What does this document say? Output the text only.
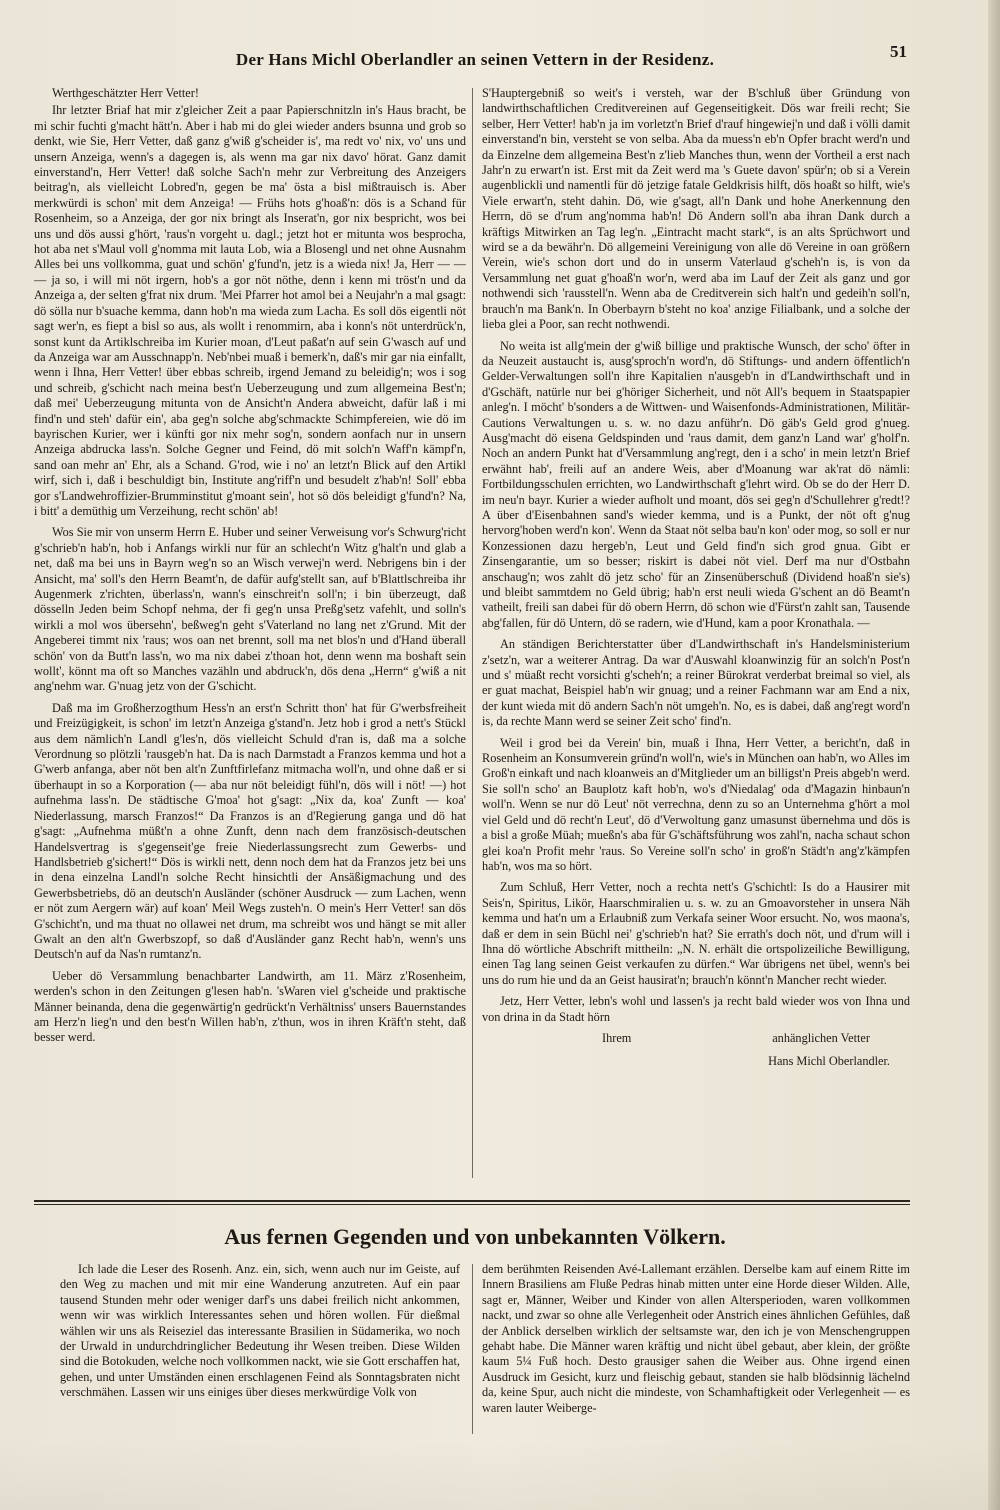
51
Der Hans Michl Oberlandler an seinen Vettern in der Residenz.

Werthgeschätzter Herr Vetter!

Ihr letzter Briaf hat mir z'gleicher Zeit a paar Papierschnitzln in's Haus bracht, be mi schir fuchti g'macht hätt'n. Aber i hab mi do glei wieder anders bsunna und grob so denkt, wie Sie, Herr Vetter, daß ganz g'wiß g'scheider is', ma redt vo' nix, vo' uns und unsern Anzeiga, wenn's a dagegen is, als wenn ma gar nix davo' hörat. Ganz damit einverstand'n, Herr Vetter! daß solche Sach'n mehr zur Verbreitung des Anzeigers beitrag'n, als vielleicht Lobred'n, gegen be ma' östa a bisl mißtrauisch is. Aber merkwürdi is schon' mit dem Anzeiga! — Frühs hots g'hoaß'n: dös is a Schand für Rosenheim, so a Anzeiga, der gor nix bringt als Inserat'n, gor nix bespricht, wos bei uns und dös aussi g'hört, 'raus'n vorgeht u. dagl.; jetzt hot er mitunta wos besprocha, hot aba net s'Maul voll g'nomma mit lauta Lob, wia a Blosengl und net ohne Ausnahm Alles bei uns vollkomma, guat und schön' g'fund'n, jetz is a wieda nix! Ja, Herr — — — ja so, i will mi nöt irgern, hob's a gor nöt nöthe, denn i kenn mi tröst'n und da Anzeiga a, der selten g'frat nix drum. 'Mei Pfarrer hot amol bei a Neujahr'n a mal gsagt: dö sölla nur b'suache kemma, dann hob'n ma wieda zum Lacha. Es soll dös eigentli nöt sagt wer'n, es fiept a bisl so aus, als wollt i renommirn, aba i konn's nöt unterdrück'n, sonst kunt da Artiklschreiba im Kurier moan, d'Leut paßat'n auf sein G'wasch auf und da Anzeiga war am Ausschnapp'n. Neb'nbei muaß i bemerk'n, daß's mir gar nia einfallt, wenn i Ihna, Herr Vetter! über ebbas schreib, irgend Jemand zu beleidig'n; wos i sog und schreib, g'schicht nach meina best'n Ueberzeugung und zum allgemeina Best'n; daß mei' Ueberzeugung mitunta von de Ansicht'n Andera abweicht, dafür laß i mi find'n und steh' dafür ein', aba geg'n solche abg'schmackte Schimpfereien, wie dö im bayrischen Kurier, wer i künfti gor nix mehr sog'n, sondern aonfach nur in unsern Anzeiga abdrucka lass'n. Solche Gegner und Feind, dö mit solch'n Waff'n kämpf'n, sand oan mehr an' Ehr, als a Schand. G'rod, wie i no' an letzt'n Blick auf den Artikl wirf, sich i, daß i beschuldigt bin, Institute ang'riff'n und besudelt z'hab'n! Soll' ebba gor s'Landwehroffizier-Brumminstitut g'moant sein', hot sö dös beleidigt g'fund'n? Na, i bitt' a demüthig um Verzeihung, recht schön' ab!

Wos Sie mir von unserm Herrn E. Huber und seiner Verweisung vor's Schwurg'richt g'schrieb'n hab'n, hob i Anfangs wirkli nur für an schlecht'n Witz g'halt'n und glab a net, daß ma bei uns in Bayrn weg'n so an Wisch verwej'n werd. Nebrigens bin i der Ansicht, ma' soll's den Herrn Beamt'n, de dafür aufg'stellt san, auf b'Blattlschreiba ihr Augenmerk z'richten, überlass'n, wann's einschreit'n soll'n; i bin überzeugt, daß dösselln Jeden beim Schopf nehma, der fi geg'n unsa Preßg'setz vafehlt, und solln's wirkli a mol wos übersehn', beßweg'n geht s'Vaterland no lang net z'Grund. Mit der Angeberei timmt nix 'raus; wos oan net brennt, soll ma net blos'n und d'Hand überall schön' von da Butt'n lass'n, wo ma nix dabei z'thoan hot, denn wenn ma boshaft sein wollt', könnt ma oft so Manches vazähln und abdruck'n, dös dena „Herrn“ g'wiß a nit ang'nehm war. G'nuag jetz von der G'schicht.

Daß ma im Großherzogthum Hess'n an erst'n Schritt thon' hat für G'werbsfreiheit und Freizügigkeit, is schon' im letzt'n Anzeiga g'stand'n. Jetz hob i grod a nett's Stückl aus dem nämlich'n Landl g'les'n, dös vielleicht Schuld d'ran is, daß ma a solche Verordnung so plötzli 'rausgeb'n hat. Da is nach Darmstadt a Franzos kemma und hot a G'werb anfanga, aber nöt ben alt'n Zunftfirlefanz mitmacha woll'n, und ohne daß er si überhaupt in so a Korporation (— aba nur nöt beleidigt fühl'n, dös will i nöt! —) hot aufnehma lass'n. De städtische G'moa' hot g'sagt: „Nix da, koa' Zunft — koa' Niederlassung, marsch Franzos!“ Da Franzos is an d'Regierung ganga und dö hat g'sagt: „Aufnehma müßt'n a ohne Zunft, denn nach dem französisch-deutschen Handelsvertrag is s'gegenseit'ge freie Niederlassungsrecht zum Gewerbs- und Handlsbetrieb g'sichert!“ Dös is wirkli nett, denn noch dem hat da Franzos jetz bei uns in dena einzelna Landl'n solche Recht hinsichtli der Ansäßigmachung und des Gewerbsbetriebs, dö an deutsch'n Ausländer (schöner Ausdruck — zum Lachen, wenn er nöt zum Aergern wär) auf koan' Meil Wegs zusteh'n. O mein's Herr Vetter! san dös G'schicht'n, und ma thuat no ollawei net drum, ma schreibt wos und hängt se mit aller Gwalt an den alt'n Gwerbszopf, so daß d'Ausländer ganz Recht hab'n, wenn's uns Deutsch'n auf da Nas'n rumtanz'n.

Ueber dö Versammlung benachbarter Landwirth, am 11. März z'Rosenheim, werden's schon in den Zeitungen g'lesen hab'n. 'sWaren viel g'scheide und praktische Männer beinanda, dena die gegenwärtig'n gedrückt'n Verhältniss' unsers Bauernstandes am Herz'n lieg'n und den best'n Willen hab'n, z'thun, wos in ihren Kräft'n steht, daß besser werd.

S'Hauptergebniß so weit's i versteh, war der B'schluß über Gründung von landwirthschaftlichen Creditvereinen auf Gegenseitigkeit. Dös war freili recht; Sie selber, Herr Vetter! hab'n ja im vorletzt'n Brief d'rauf hingewiej'n und daß i völli damit einverstand'n bin, versteht se von selba. Aba da muess'n eb'n Opfer bracht werd'n und da Einzelne dem allgemeina Best'n z'lieb Manches thun, wenn der Vortheil a erst nach Jahr'n zu erwart'n ist. Erst mit da Zeit werd ma 's Guete davon' spür'n; ob si a Verein augenblickli und namentli für dö jetzige fatale Geldkrisis hilft, dös hoaßt so hilft, wie's Viele erwart'n, steht dahin. Dö, wie g'sagt, all'n Dank und hohe Anerkennung den Herrn, dö se d'rum ang'nomma hab'n! Dö Andern soll'n aba ihran Dank durch a kräftigs Mitwirken an Tag leg'n. „Eintracht macht stark“, is an alts Sprüchwort und wird se a da bewähr'n. Dö allgemeini Vereinigung von alle dö Vereine in oan größern Verein, wie's schon dort und do in unserm Vaterlaud g'scheh'n is, is von da Versammlung net guat g'hoaß'n wor'n, werd aba im Lauf der Zeit als ganz und gor nothwendi sich 'rausstell'n. Wenn aba de Creditverein sich halt'n und gedeih'n soll'n, brauch'n ma Bank'n. In Oberbayrn b'steht no koa' anzige Filialbank, und a solche der lieba glei a Poor, san recht nothwendi.

No weita ist allg'mein der g'wiß billige und praktische Wunsch, der scho' öfter in da Neuzeit austaucht is, ausg'sproch'n word'n, dö Stiftungs- und andern öffentlich'n Gelder-Verwaltungen soll'n ihre Kapitalien n'ausgeb'n in d'Landwirthschaft und in d'Gschäft, natürle nur bei g'höriger Sicherheit, und nöt All's bequem in Staatspapier anleg'n. I möcht' b'sonders a de Wittwen- und Waisenfonds-Administrationen, Militär-Cautions Verwaltungen u. s. w. no dazu anführ'n. Dö gäb's Geld grod g'nueg. Ausg'macht dö eisena Geldspinden und 'raus damit, dem ganz'n Land war' g'holf'n. Noch an andern Punkt hat d'Versammlung ang'regt, den i a scho' in mein letzt'n Brief erwähnt hab', freili auf an andere Weis, aber d'Moanung war ak'rat dö nämli: Fortbildungsschulen errichten, wo Landwirthschaft g'lehrt wird. Ob se do der Herr D. im neu'n bayr. Kurier a wieder aufholt und moant, dös sei geg'n d'Schullehrer g'redt!? A über d'Eisenbahnen sand's wieder kemma, und is a Punkt, der nöt oft g'nug hervorg'hoben werd'n kon'. Wenn da Staat nöt selba bau'n kon' oder mog, so soll er nur Konzessionen dazu hergeb'n, Leut und Geld find'n sich grod gnua. Gibt er Zinsengarantie, um so besser; riskirt is dabei nöt viel. Derf ma nur d'Ostbahn anschaug'n; wos zahlt dö jetz scho' für an Zinsenüberschuß (Dividend hoaß'n sie's) und bleibt sammtdem no Geld übrig; hab'n erst neuli wieda G'schent an dö Beamt'n vatheilt, freili san dabei für dö obern Herrn, dö schon wie d'Fürst'n zahlt san, Tausende abg'fallen, für dö Untern, dö se radern, wie d'Hund, kam a poor Kronathala. —

An ständigen Berichterstatter über d'Landwirthschaft in's Handelsministerium z'setz'n, war a weiterer Antrag. Da war d'Auswahl kloanwinzig für an solch'n Post'n und s' müaßt recht vorsichti g'scheh'n; a reiner Bürokrat verderbat breimal so viel, als er guat machat, Beispiel hab'n wir gnuag; und a reiner Fachmann war am End a nix, der kunt wieda mit dö andern Sach'n nöt umgeh'n. No, es is dabei, daß ang'regt word'n is, da rechte Mann werd se seiner Zeit scho' find'n.

Weil i grod bei da Verein' bin, muaß i Ihna, Herr Vetter, a bericht'n, daß in Rosenheim an Konsumverein gründ'n woll'n, wie's in München oan hab'n, wo Alles im Groß'n einkaft und nach kloanweis an d'Mitglieder um an billigst'n Preis abgeb'n werd. Sie soll'n scho' an Bauplotz kaft hob'n, wo's d'Niedalag' oda d'Magazin hinbaun'n woll'n. Wenn se nur dö Leut' nöt verrechna, denn zu so an Unternehma g'hört a mol viel Geld und dö recht'n Leut', dö d'Verwoltung ganz umasunst übernehma und dös is a bisl a große Müah; mueßn's aba für G'schäftsführung wos zahl'n, nacha schaut schon glei koa'n Profit mehr 'raus. So Vereine soll'n scho' in groß'n Städt'n ang'z'kämpfen hab'n, wos ma so hört.

Zum Schluß, Herr Vetter, noch a rechta nett's G'schichtl: Is do a Hausirer mit Seis'n, Spiritus, Likör, Haarschmiralien u. s. w. zu an Gmoavorsteher in unsera Näh kemma und hat'n um a Erlaubniß zum Verkafa seiner Woor ersucht. No, wos maona's, daß er dem in sein Büchl nei' g'schrieb'n hat? Sie errath's doch nöt, und d'rum will i Ihna dö wörtliche Abschrift mittheiln: „N. N. erhält die ortspolizeiliche Bewilligung, einen Tag lang seinen Geist verkaufen zu dürfen.“ War übrigens net übel, wenn's bei uns do rum hie und da an Geist hausirat'n; brauch'n könnt'n Mancher recht wieder.

Jetz, Herr Vetter, lebn's wohl und lassen's ja recht bald wieder wos von Ihna und von drina in da Stadt hörn

Ihrem	anhänglichen Vetter
Hans Michl Oberlandler.
Aus fernen Gegenden und von unbekannten Völkern.

Ich lade die Leser des Rosenh. Anz. ein, sich, wenn auch nur im Geiste, auf den Weg zu machen und mit mir eine Wanderung anzutreten. Auf ein paar tausend Stunden mehr oder weniger darf's uns dabei freilich nicht ankommen, wenn wir was wirklich Interessantes sehen und hören wollen. Für dießmal wählen wir uns als Reiseziel das interessante Brasilien in Südamerika, wo noch der Urwald in undurchdringlicher Bedeutung ihr Wesen treiben. Diese Wilden sind die Botokuden, welche noch vollkommen nackt, wie sie Gott erschaffen hat, gehen, und unter Umständen einen erschlagenen Feind als Sonntagsbraten nicht verschmähen. Lassen wir uns einiges über dieses merkwürdige Volk von

dem berühmten Reisenden Avé-Lallemant erzählen. Derselbe kam auf einem Ritte im Innern Brasiliens am Fluße Pedras hinab mitten unter eine Horde dieser Wilden. Alle, sagt er, Männer, Weiber und Kinder von allen Altersperioden, waren vollkommen nackt, und zwar so ohne alle Verlegenheit oder Anstrich eines ähnlichen Gefühles, daß der Anblick derselben wirklich der seltsamste war, den ich je von Menschengruppen gehabt habe. Die Männer waren kräftig und nicht übel gebaut, aber klein, der größte kaum 5¼ Fuß hoch. Desto grausiger sahen die Weiber aus. Ohne irgend einen Ausdruck im Gesicht, kurz und fleischig gebaut, standen sie halb blödsinnig lächelnd da, keine Spur, auch nicht die mindeste, von Schamhaftigkeit oder Verlegenheit — es waren lauter Weiberge-
